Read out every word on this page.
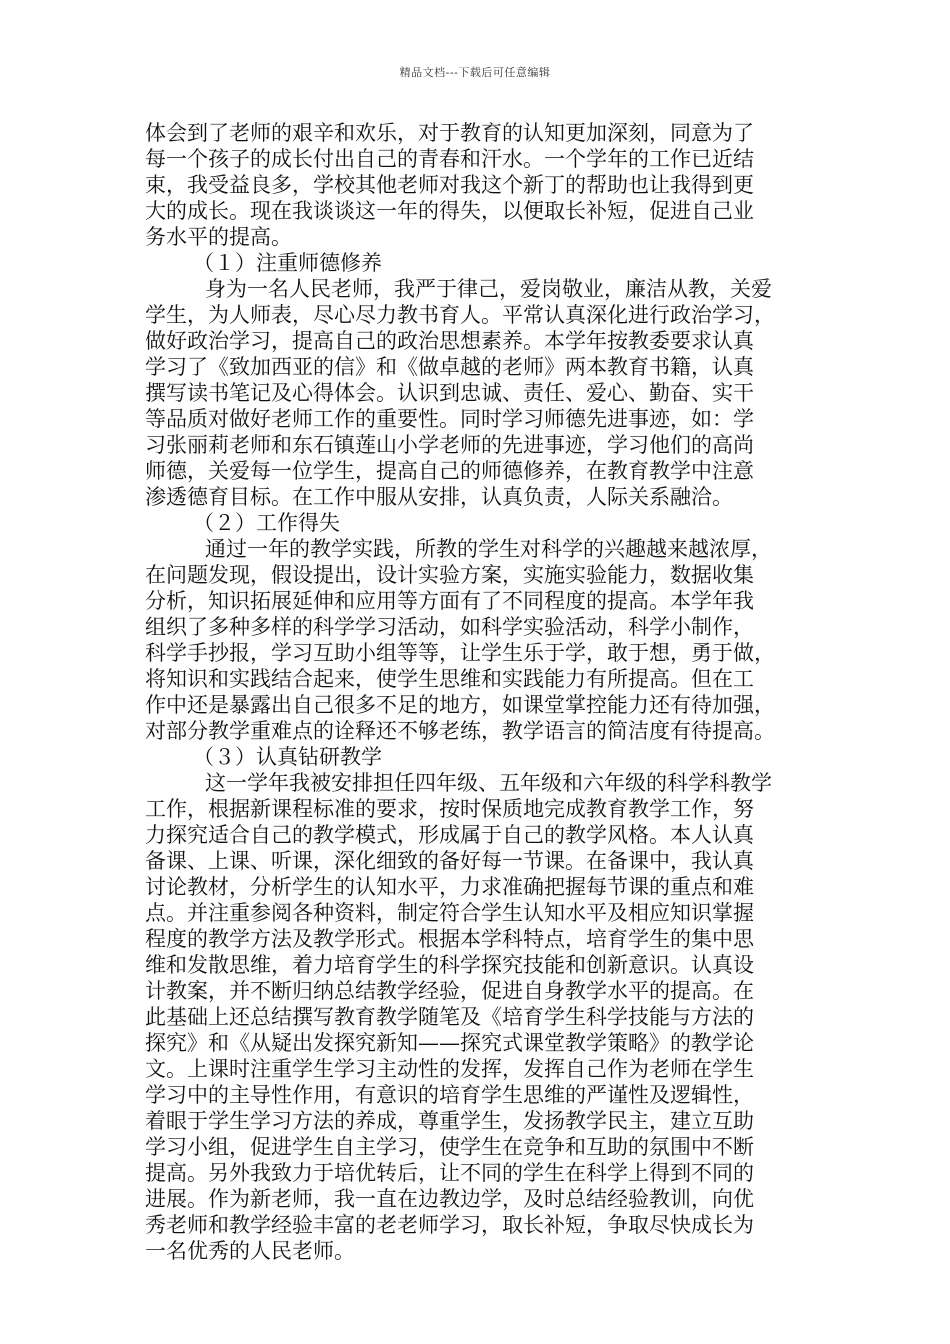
精品文档---下载后可任意编辑
体会到了老师的艰辛和欢乐，对于教育的认知更加深刻，同意为了
每一个孩子的成长付出自己的青春和汗水。一个学年的工作已近结
束，我受益良多，学校其他老师对我这个新丁的帮助也让我得到更
大的成长。现在我谈谈这一年的得失，以便取长补短，促进自己业
务水平的提高。
（１）注重师德修养
身为一名人民老师，我严于律己，爱岗敬业，廉洁从教，关爱
学生，为人师表，尽心尽力教书育人。平常认真深化进行政治学习，
做好政治学习，提高自己的政治思想素养。本学年按教委要求认真
学习了《致加西亚的信》和《做卓越的老师》两本教育书籍，认真
撰写读书笔记及心得体会。认识到忠诚、责任、爱心、勤奋、实干
等品质对做好老师工作的重要性。同时学习师德先进事迹，如：学
习张丽莉老师和东石镇莲山小学老师的先进事迹，学习他们的高尚
师德，关爱每一位学生，提高自己的师德修养，在教育教学中注意
渗透德育目标。在工作中服从安排，认真负责，人际关系融洽。
（２）工作得失
通过一年的教学实践，所教的学生对科学的兴趣越来越浓厚，
在问题发现，假设提出，设计实验方案，实施实验能力，数据收集
分析，知识拓展延伸和应用等方面有了不同程度的提高。本学年我
组织了多种多样的科学学习活动，如科学实验活动，科学小制作，
科学手抄报，学习互助小组等等，让学生乐于学，敢于想，勇于做，
将知识和实践结合起来，使学生思维和实践能力有所提高。但在工
作中还是暴露出自己很多不足的地方，如课堂掌控能力还有待加强，
对部分教学重难点的诠释还不够老练，教学语言的简洁度有待提高。
（３）认真钻研教学
这一学年我被安排担任四年级、五年级和六年级的科学科教学
工作，根据新课程标准的要求，按时保质地完成教育教学工作，努
力探究适合自己的教学模式，形成属于自己的教学风格。本人认真
备课、上课、听课，深化细致的备好每一节课。在备课中，我认真
讨论教材，分析学生的认知水平，力求准确把握每节课的重点和难
点。并注重参阅各种资料，制定符合学生认知水平及相应知识掌握
程度的教学方法及教学形式。根据本学科特点，培育学生的集中思
维和发散思维，着力培育学生的科学探究技能和创新意识。认真设
计教案，并不断归纳总结教学经验，促进自身教学水平的提高。在
此基础上还总结撰写教育教学随笔及《培育学生科学技能与方法的
探究》和《从疑出发探究新知——探究式课堂教学策略》的教学论
文。上课时注重学生学习主动性的发挥，发挥自己作为老师在学生
学习中的主导性作用，有意识的培育学生思维的严谨性及逻辑性，
着眼于学生学习方法的养成，尊重学生，发扬教学民主，建立互助
学习小组，促进学生自主学习，使学生在竞争和互助的氛围中不断
提高。另外我致力于培优转后，让不同的学生在科学上得到不同的
进展。作为新老师，我一直在边教边学，及时总结经验教训，向优
秀老师和教学经验丰富的老老师学习，取长补短，争取尽快成长为
一名优秀的人民老师。
